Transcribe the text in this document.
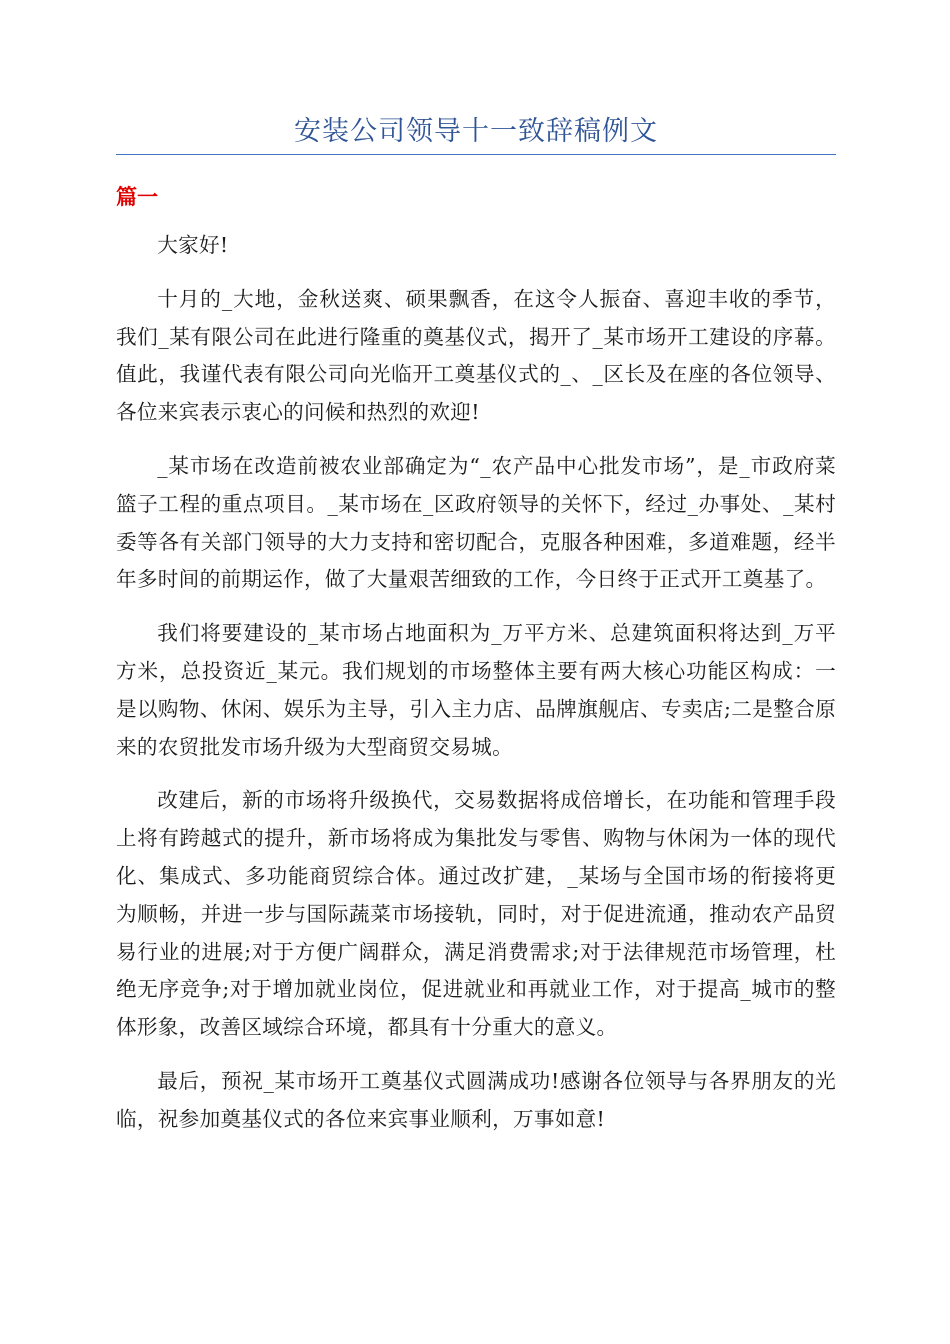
安装公司领导十一致辞稿例文
篇一

大家好!

十月的_大地，金秋送爽、硕果飘香，在这令人振奋、喜迎丰收的季节，我们_某有限公司在此进行隆重的奠基仪式，揭开了_某市场开工建设的序幕。值此，我谨代表有限公司向光临开工奠基仪式的_、_区长及在座的各位领导、各位来宾表示衷心的问候和热烈的欢迎!

_某市场在改造前被农业部确定为“_农产品中心批发市场”，是_市政府菜篮子工程的重点项目。_某市场在_区政府领导的关怀下，经过_办事处、_某村委等各有关部门领导的大力支持和密切配合，克服各种困难，多道难题，经半年多时间的前期运作，做了大量艰苦细致的工作，今日终于正式开工奠基了。

我们将要建设的_某市场占地面积为_万平方米、总建筑面积将达到_万平方米，总投资近_某元。我们规划的市场整体主要有两大核心功能区构成：一是以购物、休闲、娱乐为主导，引入主力店、品牌旗舰店、专卖店;二是整合原来的农贸批发市场升级为大型商贸交易城。

改建后，新的市场将升级换代，交易数据将成倍增长，在功能和管理手段上将有跨越式的提升，新市场将成为集批发与零售、购物与休闲为一体的现代化、集成式、多功能商贸综合体。通过改扩建，_某场与全国市场的衔接将更为顺畅，并进一步与国际蔬菜市场接轨，同时，对于促进流通，推动农产品贸易行业的进展;对于方便广阔群众，满足消费需求;对于法律规范市场管理，杜绝无序竞争;对于增加就业岗位，促进就业和再就业工作，对于提高_城市的整体形象，改善区域综合环境，都具有十分重大的意义。

最后，预祝_某市场开工奠基仪式圆满成功!感谢各位领导与各界朋友的光临，祝参加奠基仪式的各位来宾事业顺利，万事如意!
